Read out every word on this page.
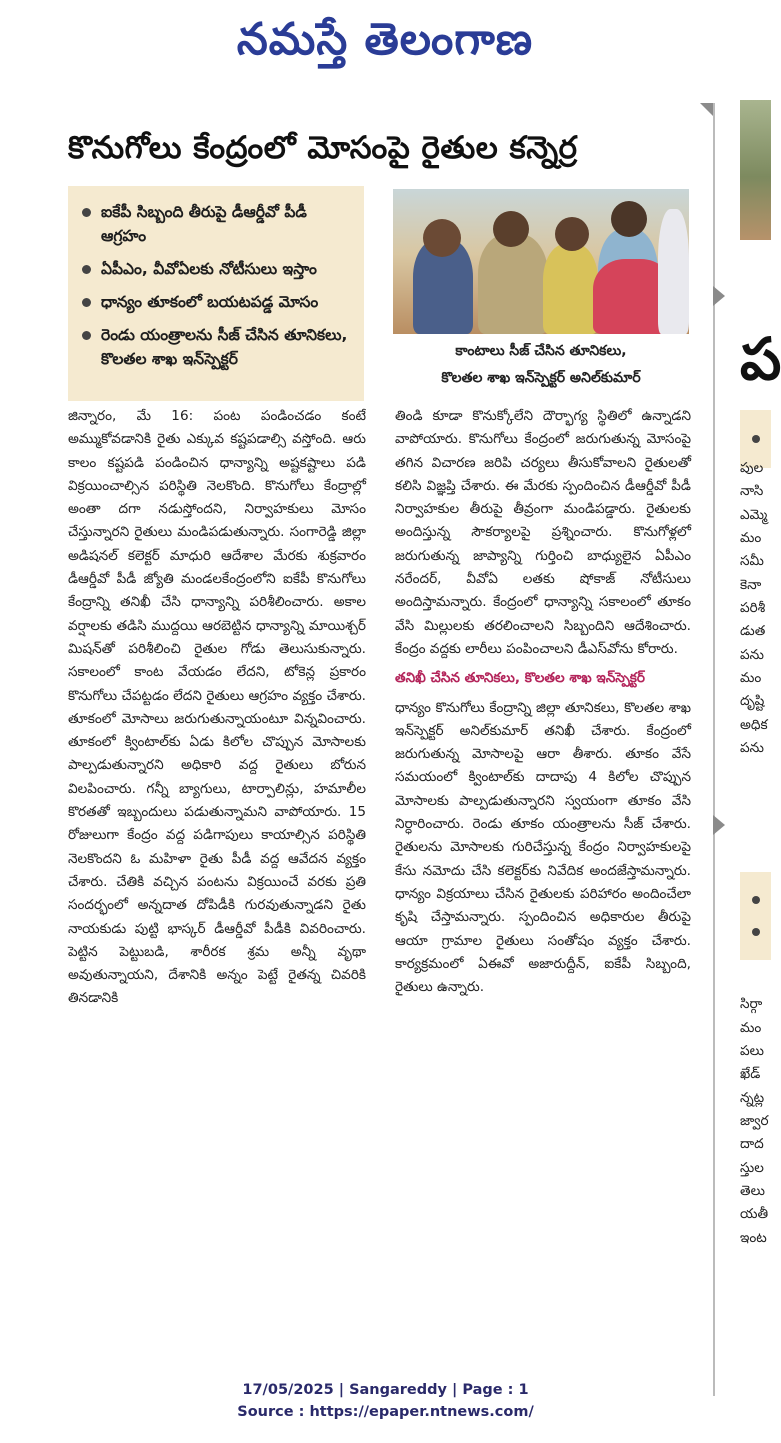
నమస్తే తెలంగాణ
కొనుగోలు కేంద్రంలో మోసంపై రైతుల కన్నెర్ర
ఐకేపీ సిబ్బంది తీరుపై డీఆర్డీవో పీడీ ఆగ్రహం
ఏపీఎం, వీవోఏలకు నోటీసులు ఇస్తాం
ధాన్యం తూకంలో బయటపడ్డ మోసం
రెండు యంత్రాలను సీజ్ చేసిన తూనికలు, కొలతల శాఖ ఇన్‌స్పెక్టర్	కాంటాలు సీజ్ చేసిన తూనికలు,
కొలతల శాఖ ఇన్‌స్పెక్టర్ అనిల్‌కుమార్
జిన్నారం, మే 16: పంట పండించడం కంటే అమ్ముకోవడానికి రైతు ఎక్కువ కష్టపడాల్సి వస్తోంది. ఆరు కాలం కష్టపడి పండించిన ధాన్యాన్ని అష్టకష్టాలు పడి విక్రయించాల్సిన పరిస్థితి నెలకొంది. కొనుగోలు కేంద్రాల్లో అంతా దగా నడుస్తోందని, నిర్వాహకులు మోసం చేస్తున్నారని రైతులు మండిపడుతున్నారు. సంగారెడ్డి జిల్లా అడిషనల్ కలెక్టర్ మాధురి ఆదేశాల మేరకు శుక్రవారం డీఆర్డీవో పీడీ జ్యోతి మండలకేంద్రంలోని ఐకేపీ కొనుగోలు కేంద్రాన్ని తనిఖీ చేసి ధాన్యాన్ని పరిశీలించారు. అకాల వర్షాలకు తడిసి ముద్దయి ఆరబెట్టిన ధాన్యాన్ని మాయిశ్చర్ మిషన్‌తో పరిశీలించి రైతుల గోడు తెలుసుకున్నారు. సకాలంలో కాంట వేయడం లేదని, టోకెన్ల ప్రకారం కొనుగోలు చేపట్టడం లేదని రైతులు ఆగ్రహం వ్యక్తం చేశారు. తూకంలో మోసాలు జరుగుతున్నాయంటూ విన్నవించారు. తూకంలో క్వింటాల్‌కు ఏడు కిలోల చొప్పున మోసాలకు పాల్పడుతున్నారని అధికారి వద్ద రైతులు బోరున విలపించారు. గన్నీ బ్యాగులు, టార్పాలిన్లు, హమాలీల కొరతతో ఇబ్బందులు పడుతున్నామని వాపోయారు. 15 రోజులుగా కేంద్రం వద్ద పడిగాపులు కాయాల్సిన పరిస్థితి నెలకొందని ఓ మహిళా రైతు పీడీ వద్ద ఆవేదన వ్యక్తం చేశారు. చేతికి వచ్చిన పంటను విక్రయించే వరకు ప్రతి సందర్భంలో అన్నదాత దోపిడీకి గురవుతున్నాడని రైతు నాయకుడు పుట్టి భాస్కర్ డీఆర్డీవో పీడీకి వివరించారు. పెట్టిన పెట్టుబడి, శారీరక శ్రమ అన్నీ వృథా అవుతున్నాయని, దేశానికి అన్నం పెట్టే రైతన్న చివరికి తినడానికి
తిండి కూడా కొనుక్కోలేని దౌర్భాగ్య స్థితిలో ఉన్నాడని వాపోయారు. కొనుగోలు కేంద్రంలో జరుగుతున్న మోసంపై తగిన విచారణ జరిపి చర్యలు తీసుకోవాలని రైతులతో కలిసి విజ్ఞప్తి చేశారు. ఈ మేరకు స్పందించిన డీఆర్డీవో పీడీ నిర్వాహకుల తీరుపై తీవ్రంగా మండిపడ్డారు. రైతులకు అందిస్తున్న సౌకర్యాలపై ప్రశ్నించారు. కొనుగోళ్లలో జరుగుతున్న జాప్యాన్ని గుర్తించి బాధ్యులైన ఏపీఎం నరేందర్, వీవోఏ లతకు షోకాజ్ నోటీసులు అందిస్తామన్నారు. కేంద్రంలో ధాన్యాన్ని సకాలంలో తూకం వేసి మిల్లులకు తరలించాలని సిబ్బందిని ఆదేశించారు. కేంద్రం వద్దకు లారీలు పంపించాలని డీఎస్‌వోను కోరారు.
తనిఖీ చేసిన తూనికలు, కొలతల శాఖ ఇన్‌స్పెక్టర్
ధాన్యం కొనుగోలు కేంద్రాన్ని జిల్లా తూనికలు, కొలతల శాఖ ఇన్‌స్పెక్టర్ అనిల్‌కుమార్ తనిఖీ చేశారు. కేంద్రంలో జరుగుతున్న మోసాలపై ఆరా తీశారు. తూకం వేసే సమయంలో క్వింటాల్‌కు దాదాపు 4 కిలోల చొప్పున మోసాలకు పాల్పడుతున్నారని స్వయంగా తూకం వేసి నిర్ధారించారు. రెండు తూకం యంత్రాలను సీజ్ చేశారు. రైతులను మోసాలకు గురిచేస్తున్న కేంద్రం నిర్వాహకులపై కేసు నమోదు చేసి కలెక్టర్‌కు నివేదిక అందజేస్తామన్నారు. ధాన్యం విక్రయాలు చేసిన రైతులకు పరిహారం అందించేలా కృషి చేస్తామన్నారు. స్పందించిన అధికారుల తీరుపై ఆయా గ్రామాల రైతులు సంతోషం వ్యక్తం చేశారు. కార్యక్రమంలో ఏఈవో అజారుద్దీన్, ఐకేపీ సిబ్బంది, రైతులు ఉన్నారు.
ప
పుల
నాసి
ఎమ్మె
మం
సమీ
కెనా
పరిశీ
డుత
పను
మం
దృష్టి
అధిక
పను
సిర్గా
మం
పలు
ఖేడ్
న్నట్ల
జ్వార
దాద
స్తుల
తెలు
యతీ
ఇంట
17/05/2025 | Sangareddy | Page : 1
Source : https://epaper.ntnews.com/
